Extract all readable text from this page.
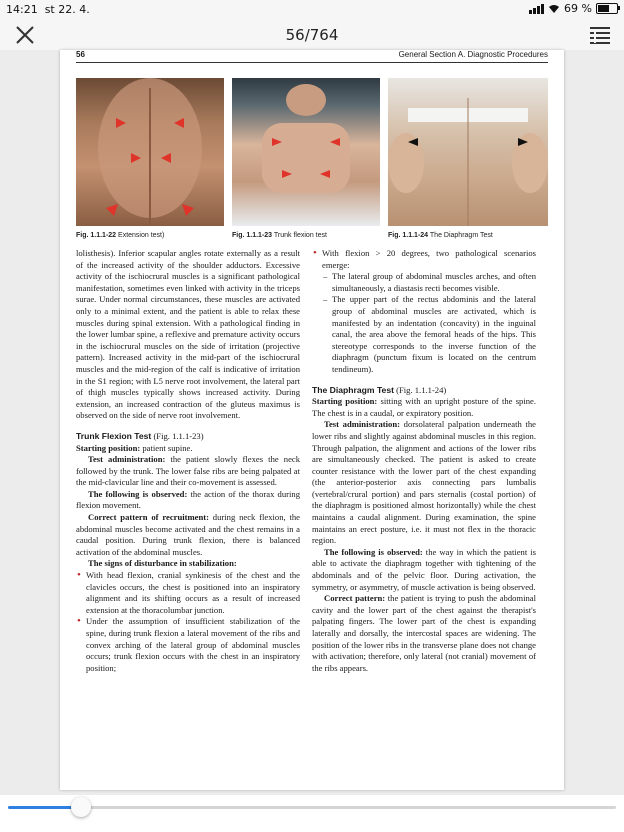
14:21 st 22. 4.	69 %
56/764
56	General Section A. Diagnostic Procedures
Fig. 1.1.1-22 Extension test)	Fig. 1.1.1-23 Trunk flexion test	Fig. 1.1.1-24 The Diaphragm Test

lolisthesis). Inferior scapular angles rotate externally as a result of the increased activity of the shoulder adductors. Excessive activity of the ischiocrural muscles is a significant pathological manifestation, sometimes even linked with activity in the triceps surae. Under normal circumstances, these muscles are activated only to a minimal extent, and the patient is able to relax these muscles during spinal extension. With a pathological finding in the lower lumbar spine, a reflexive and premature activity occurs in the ischiocrural muscles on the side of irritation (projective pattern). Increased activity in the mid-part of the ischiocrural muscles and the mid-region of the calf is indicative of irritation in the S1 region; with L5 nerve root involvement, the lateral part of thigh muscles typically shows increased activity. During extension, an increased contraction of the gluteus maximus is observed on the side of nerve root involvement.

Trunk Flexion Test (Fig. 1.1.1-23)

Starting position: patient supine.

Test administration: the patient slowly flexes the neck followed by the trunk. The lower false ribs are being palpated at the mid-clavicular line and their co-movement is assessed.

The following is observed: the action of the thorax during flexion movement.

Correct pattern of recruitment: during neck flexion, the abdominal muscles become activated and the chest remains in a caudal position. During trunk flexion, there is balanced activation of the abdominal muscles.

The signs of disturbance in stabilization:

• With head flexion, cranial synkinesis of the chest and the clavicles occurs, the chest is positioned into an inspiratory alignment and its shifting occurs as a result of increased extension at the thoracolumbar junction.
• Under the assumption of insufficient stabilization of the spine, during trunk flexion a lateral movement of the ribs and convex arching of the lateral group of abdominal muscles occurs; trunk flexion occurs with the chest in an inspiratory position;
• With flexion > 20 degrees, two pathological scenarios emerge:
– The lateral group of abdominal muscles arches, and often simultaneously, a diastasis recti becomes visible.
– The upper part of the rectus abdominis and the lateral group of abdominal muscles are activated, which is manifested by an indentation (concavity) in the inguinal canal, the area above the femoral heads of the hips. This stereotype corresponds to the inverse function of the diaphragm (punctum fixum is located on the centrum tendineum).

The Diaphragm Test (Fig. 1.1.1-24)

Starting position: sitting with an upright posture of the spine. The chest is in a caudal, or expiratory position.

Test administration: dorsolateral palpation underneath the lower ribs and slightly against abdominal muscles in this region. Through palpation, the alignment and actions of the lower ribs are simultaneously checked. The patient is asked to create counter resistance with the lower part of the chest expanding (the anterior-posterior axis connecting pars lumbalis (vertebral/crural portion) and pars sternalis (costal portion) of the diaphragm is positioned almost horizontally) while the chest maintains a caudal alignment. During examination, the spine maintains an erect posture, i.e. it must not flex in the thoracic region.

The following is observed: the way in which the patient is able to activate the diaphragm together with tightening of the abdominals and of the pelvic floor. During activation, the symmetry, or asymmetry, of muscle activation is being observed.

Correct pattern: the patient is trying to push the abdominal cavity and the lower part of the chest against the therapist's palpating fingers. The lower part of the chest is expanding laterally and dorsally, the intercostal spaces are widening. The position of the lower ribs in the transverse plane does not change with activation; therefore, only lateral (not cranial) movement of the ribs appears.
